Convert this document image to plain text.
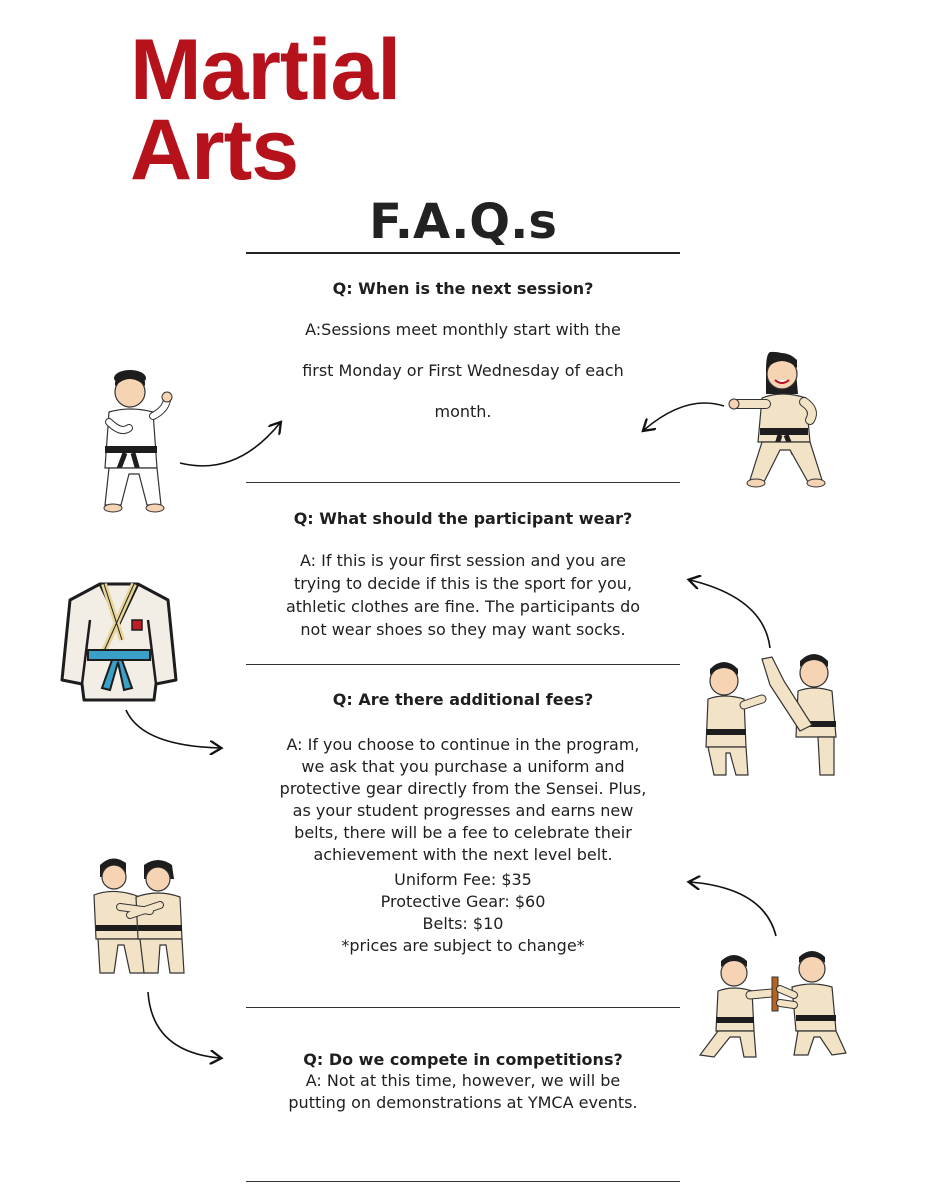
Martial
Arts
F.A.Q.s

Q: When is the next session?

A:Sessions meet monthly start with the

first Monday or First Wednesday of each

month.

Q: What should the participant wear?

A: If this is your first session and you are

trying to decide if this is the sport for you,

athletic clothes are fine. The participants do

not wear shoes so they may want socks.

Q: Are there additional fees?

A: If you choose to continue in the program,

we ask that you purchase a uniform and

protective gear directly from the Sensei. Plus,

as your student progresses and earns new

belts, there will be a fee to celebrate their

achievement with the next level belt.

Uniform Fee: $35

Protective Gear: $60

Belts: $10

*prices are subject to change*

Q: Do we compete in competitions?

A: Not at this time, however, we will be

putting on demonstrations at YMCA events.
